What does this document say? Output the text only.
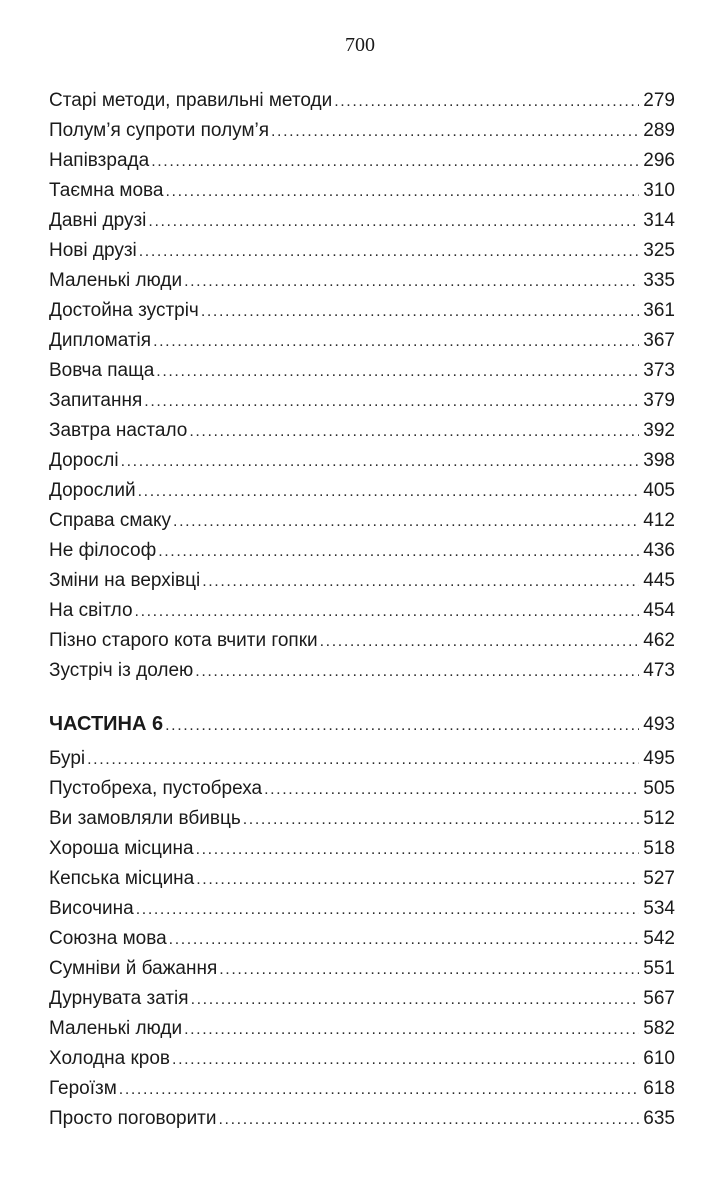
700
Старі методи, правильні методи .....	279
Полум’я супроти полум’я .....	289
Напівзрада .....	296
Таємна мова .....	310
Давні друзі .....	314
Нові друзі .....	325
Маленькі люди .....	335
Достойна зустріч .....	361
Дипломатія .....	367
Вовча паща .....	373
Запитання .....	379
Завтра настало .....	392
Дорослі .....	398
Дорослий .....	405
Справа смаку .....	412
Не філософ .....	436
Зміни на верхівці .....	445
На світло .....	454
Пізно старого кота вчити гопки .....	462
Зустріч із долею .....	473
ЧАСТИНА 6 .....	493
Бурі .....	495
Пустобреха, пустобреха .....	505
Ви замовляли вбивць .....	512
Хороша місцина .....	518
Кепська місцина .....	527
Височина .....	534
Союзна мова .....	542
Сумніви й бажання .....	551
Дурнувата затія .....	567
Маленькі люди .....	582
Холодна кров .....	610
Героїзм .....	618
Просто поговорити .....	635
